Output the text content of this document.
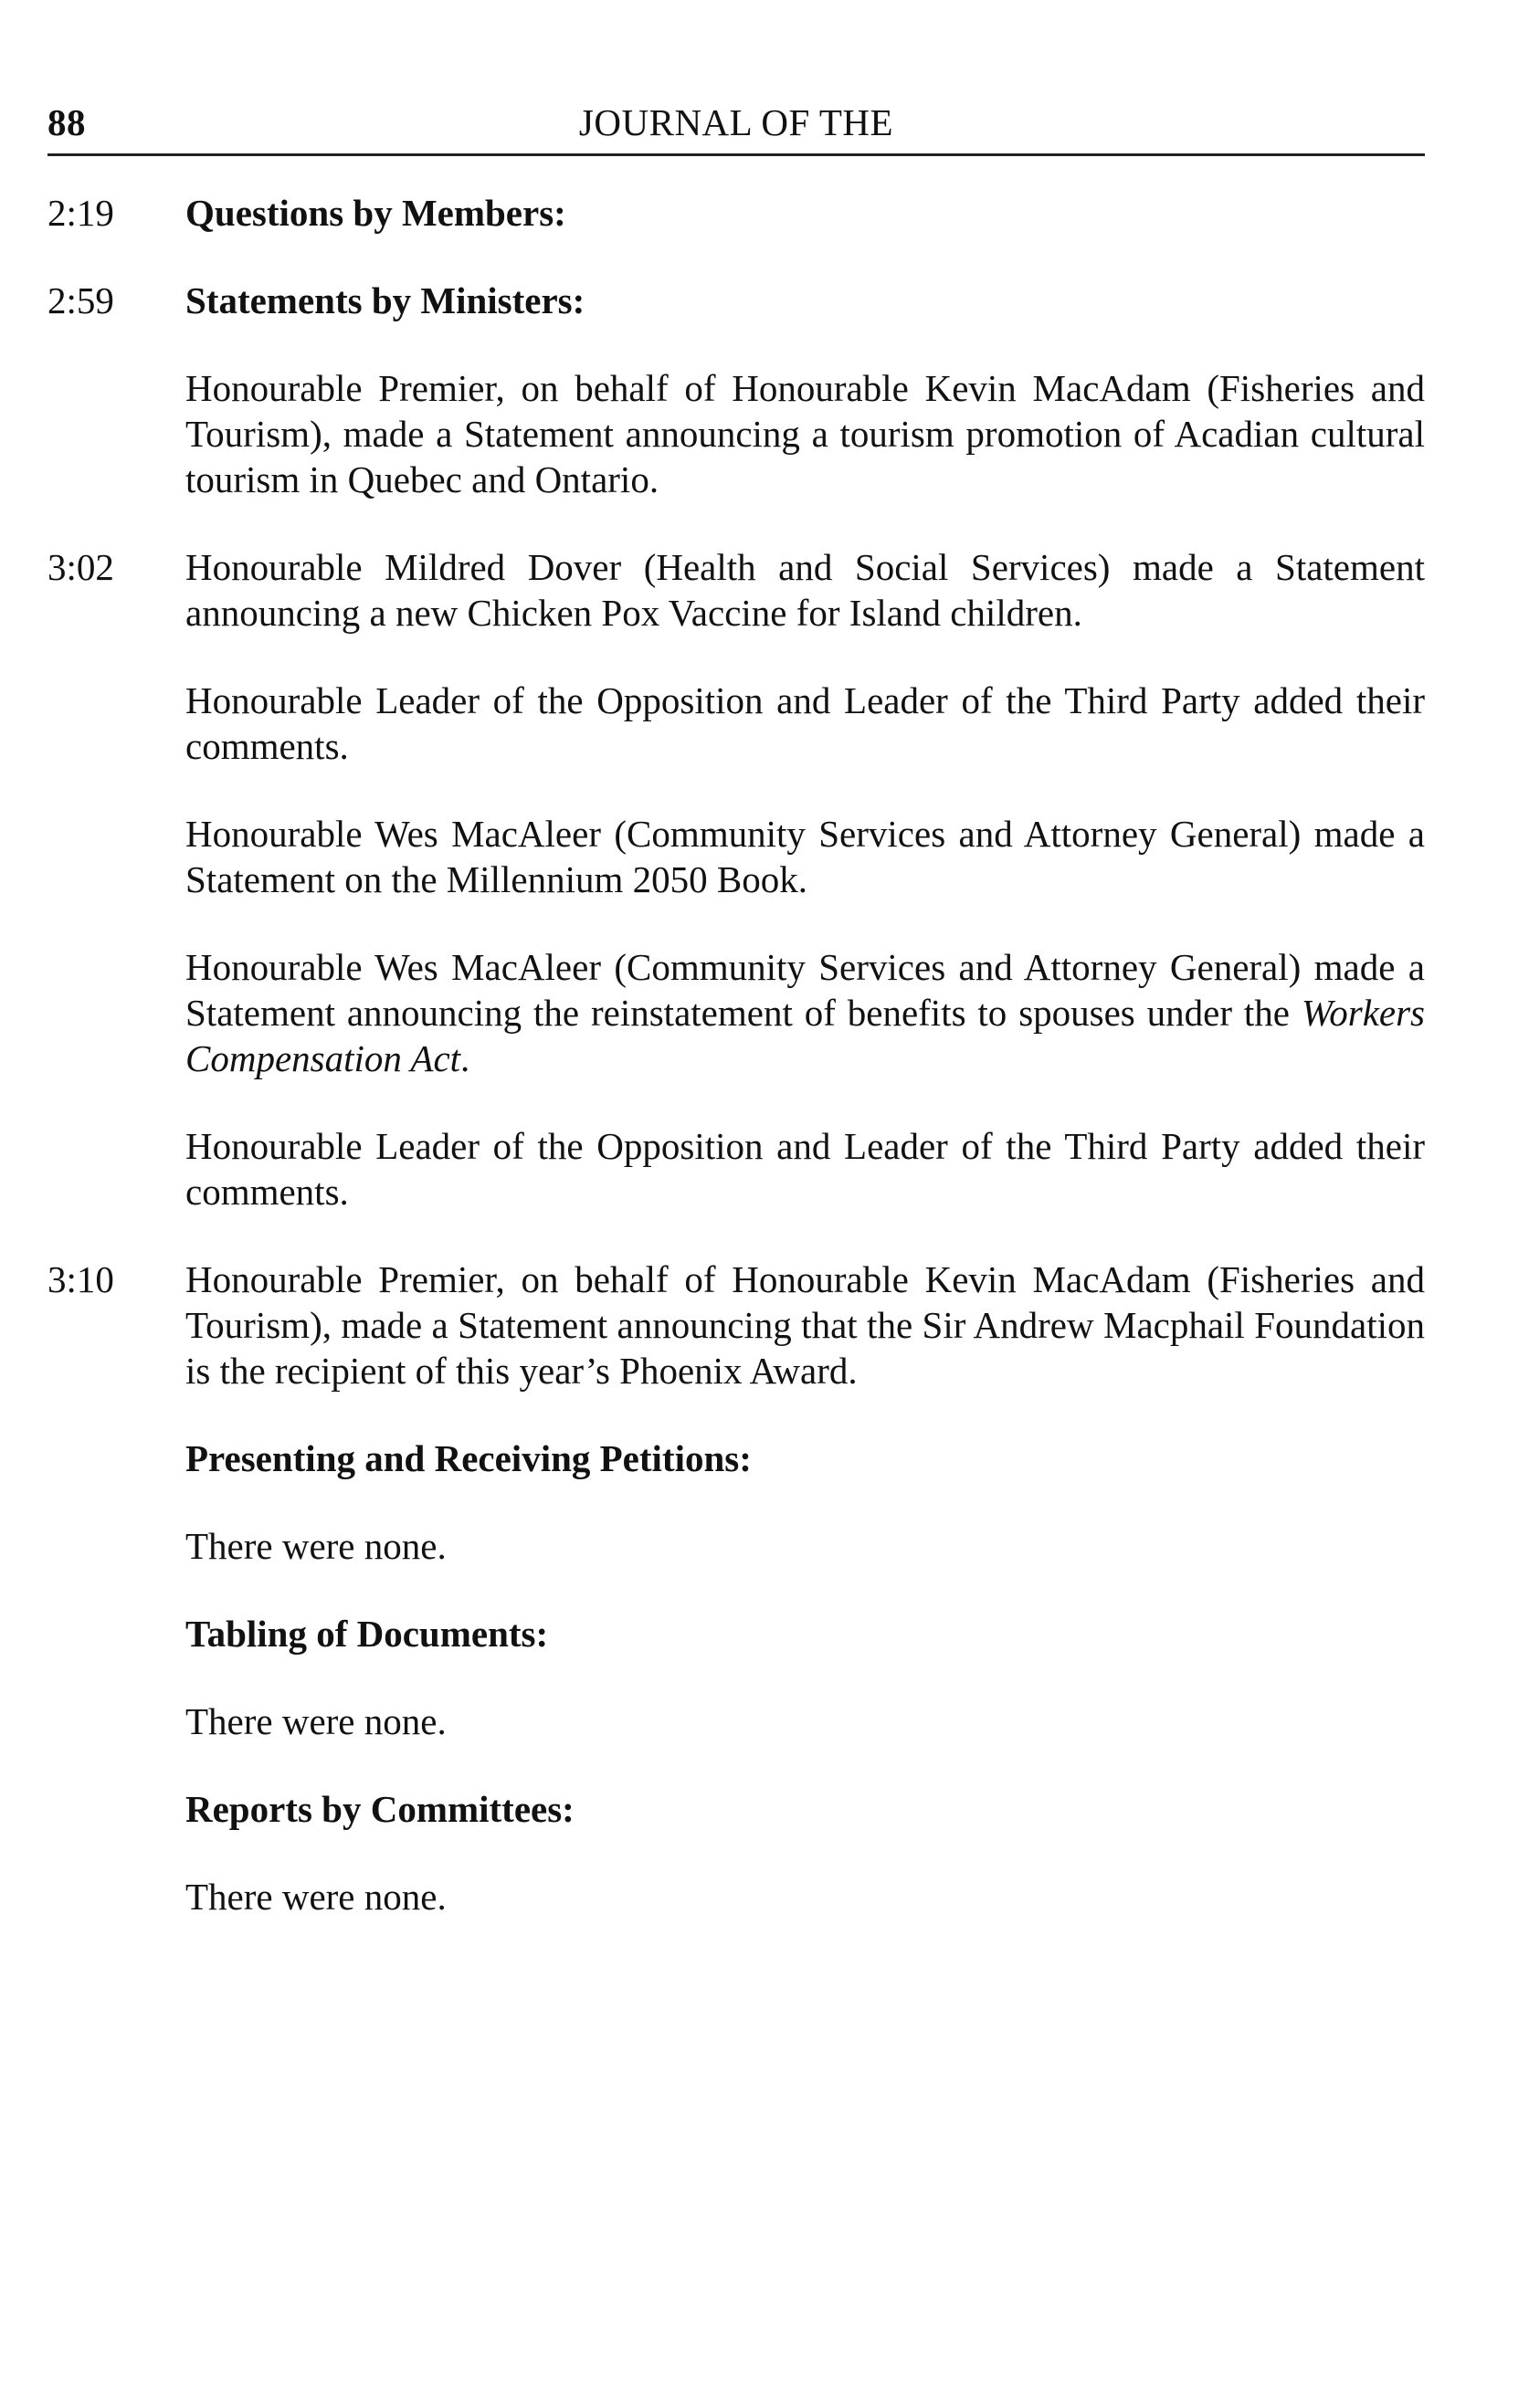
88	JOURNAL OF THE
2:19	Questions by Members:
2:59	Statements by Ministers:
Honourable Premier, on behalf of Honourable Kevin MacAdam (Fisheries and Tourism), made a Statement announcing a tourism promotion of Acadian cultural tourism in Quebec and Ontario.
3:02	Honourable Mildred Dover (Health and Social Services) made a Statement announcing a new Chicken Pox Vaccine for Island children.
Honourable Leader of the Opposition and Leader of the Third Party added their comments.
Honourable Wes MacAleer (Community Services and Attorney General) made a Statement on the Millennium 2050 Book.
Honourable Wes MacAleer (Community Services and Attorney General) made a Statement announcing the reinstatement of benefits to spouses under the Workers Compensation Act.
Honourable Leader of the Opposition and Leader of the Third Party added their comments.
3:10	Honourable Premier, on behalf of Honourable Kevin MacAdam (Fisheries and Tourism), made a Statement announcing that the Sir Andrew Macphail Foundation is the recipient of this year’s Phoenix Award.
Presenting and Receiving Petitions:
There were none.
Tabling of Documents:
There were none.
Reports by Committees:
There were none.
